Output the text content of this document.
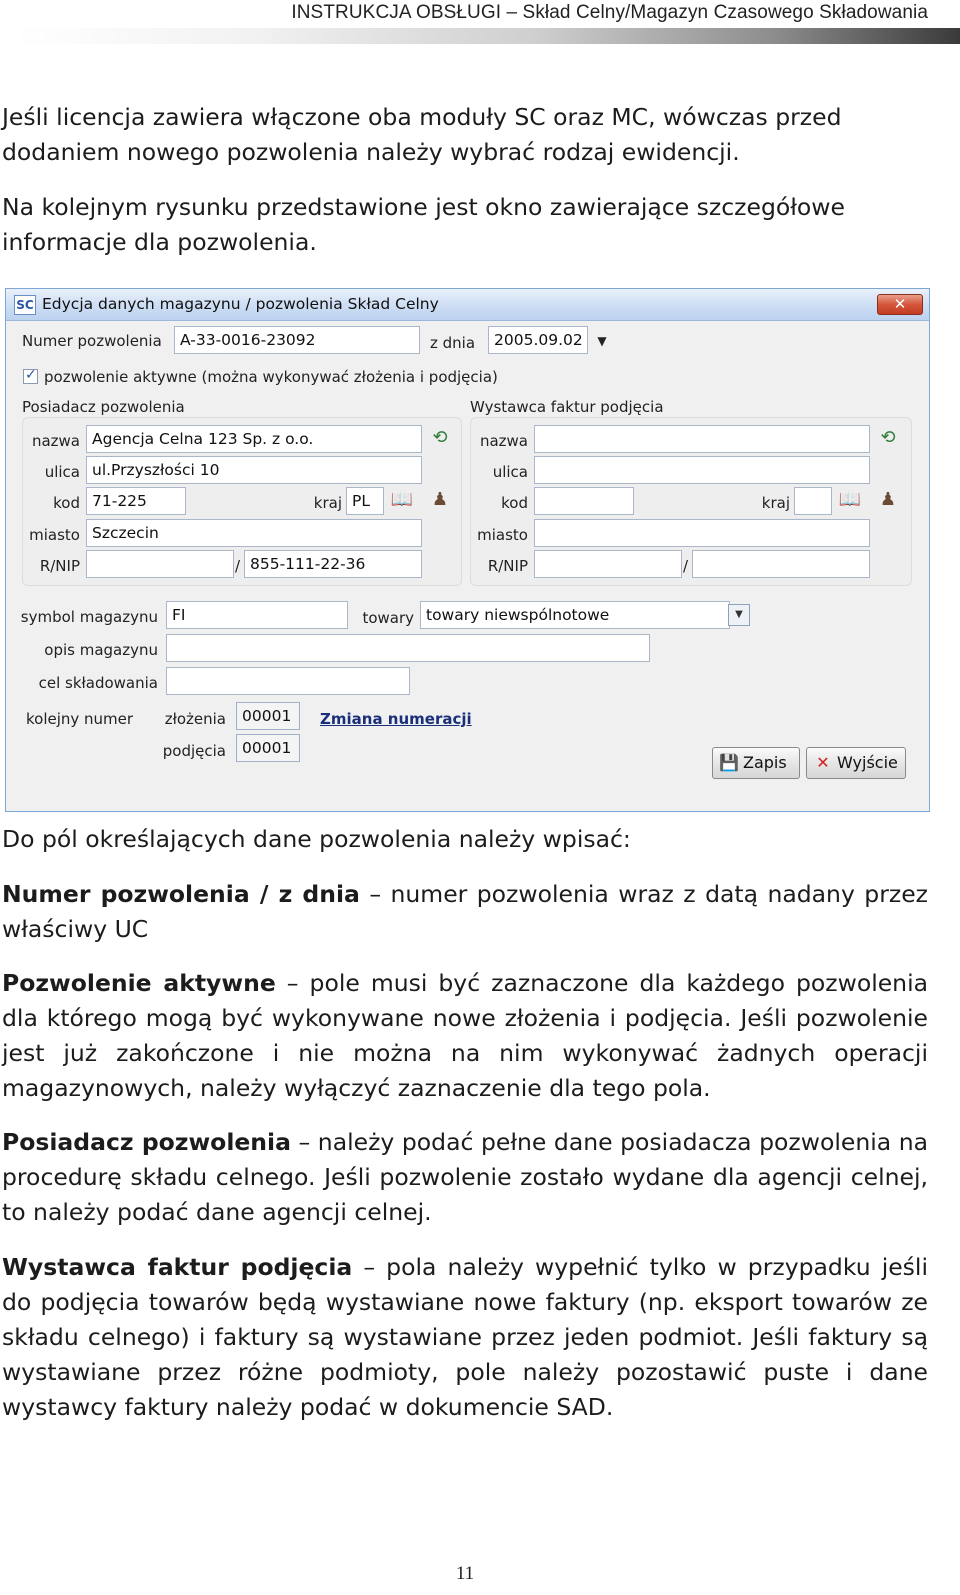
INSTRUKCJA OBSŁUGI – Skład Celny/Magazyn Czasowego Składowania
Jeśli licencja zawiera włączone oba moduły SC oraz MC, wówczas przed dodaniem nowego pozwolenia należy wybrać rodzaj ewidencji.
Na kolejnym rysunku przedstawione jest okno zawierające szczegółowe informacje dla pozwolenia.
SC Edycja danych magazynu / pozwolenia Skład Celny	✕
Numer pozwolenia	A-33-0016-23092	z dnia	2005.09.02	▼
✓
pozwolenie aktywne (można wykonywać złożenia i podjęcia)
Posiadacz pozwolenia
nazwa Agencja Celna 123 Sp. z o.o.	⟲
ulica ul.Przyszłości 10
kod 71-225	kraj PL	📖 ♟
miasto Szczecin
R/NIP	/ 855-111-22-36
Wystawca faktur podjęcia
nazwa	⟲
ulica
kod	kraj	📖 ♟
miasto
R/NIP	/
symbol magazynu FI	towary towary niewspólnotowe	▼
opis magazynu
cel składowania
kolejny numer	złożenia	00001	Zmiana numeracji
podjęcia	00001
💾 Zapis	✕ Wyjście
Do pól określających dane pozwolenia należy wpisać:
Numer pozwolenia / z dnia – numer pozwolenia wraz z datą nadany przez właściwy UC
Pozwolenie aktywne – pole musi być zaznaczone dla każdego pozwolenia dla którego mogą być wykonywane nowe złożenia i podjęcia. Jeśli pozwolenie jest już zakończone i nie można na nim wykonywać żadnych operacji magazynowych, należy wyłączyć zaznaczenie dla tego pola.
Posiadacz pozwolenia – należy podać pełne dane posiadacza pozwolenia na procedurę składu celnego. Jeśli pozwolenie zostało wydane dla agencji celnej, to należy podać dane agencji celnej.
Wystawca faktur podjęcia – pola należy wypełnić tylko w przypadku jeśli do podjęcia towarów będą wystawiane nowe faktury (np. eksport towarów ze składu celnego) i faktury są wystawiane przez jeden podmiot. Jeśli faktury są wystawiane przez różne podmioty, pole należy pozostawić puste i dane wystawcy faktury należy podać w dokumencie SAD.
11
